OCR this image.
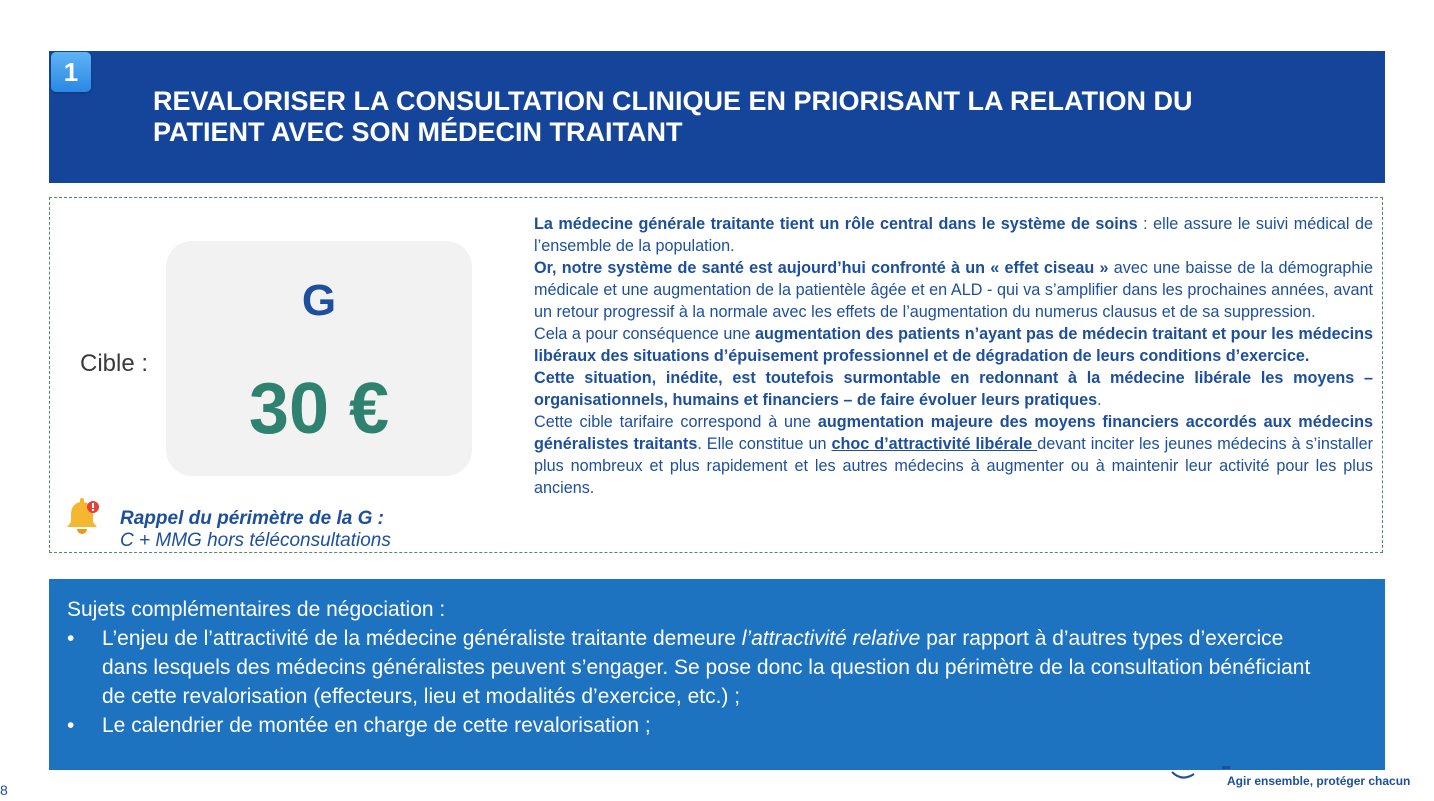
1
REVALORISER LA CONSULTATION CLINIQUE EN PRIORISANT LA RELATION DU
PATIENT AVEC SON MÉDECIN TRAITANT
Cible :
G
30 €
Rappel du périmètre de la G :
C + MMG hors téléconsultations

La médecine générale traitante tient un rôle central dans le système de soins : elle assure le suivi médical de l’ensemble de la population.

Or, notre système de santé est aujourd’hui confronté à un « effet ciseau » avec une baisse de la démographie médicale et une augmentation de la patientèle âgée et en ALD - qui va s’amplifier dans les prochaines années, avant un retour progressif à la normale avec les effets de l’augmentation du numerus clausus et de sa suppression.

Cela a pour conséquence une augmentation des patients n’ayant pas de médecin traitant et pour les médecins libéraux des situations d’épuisement professionnel et de dégradation de leurs conditions d’exercice.

Cette situation, inédite, est toutefois surmontable en redonnant à la médecine libérale les moyens – organisationnels, humains et financiers – de faire évoluer leurs pratiques.

Cette cible tarifaire correspond à une augmentation majeure des moyens financiers accordés aux médecins généralistes traitants. Elle constitue un choc d’attractivité libérale devant inciter les jeunes médecins à s’installer plus nombreux et plus rapidement et les autres médecins à augmenter ou à maintenir leur activité pour les plus anciens.

Sujets complémentaires de négociation :
• L’enjeu de l’attractivité de la médecine généraliste traitante demeure l’attractivité relative par rapport à d’autres types d’exercice dans lesquels des médecins généralistes peuvent s’engager. Se pose donc la question du périmètre de la consultation bénéficiant de cette revalorisation (effecteurs, lieu et modalités d’exercice, etc.) ;
• Le calendrier de montée en charge de cette revalorisation ;
8
Agir ensemble, protéger chacun
